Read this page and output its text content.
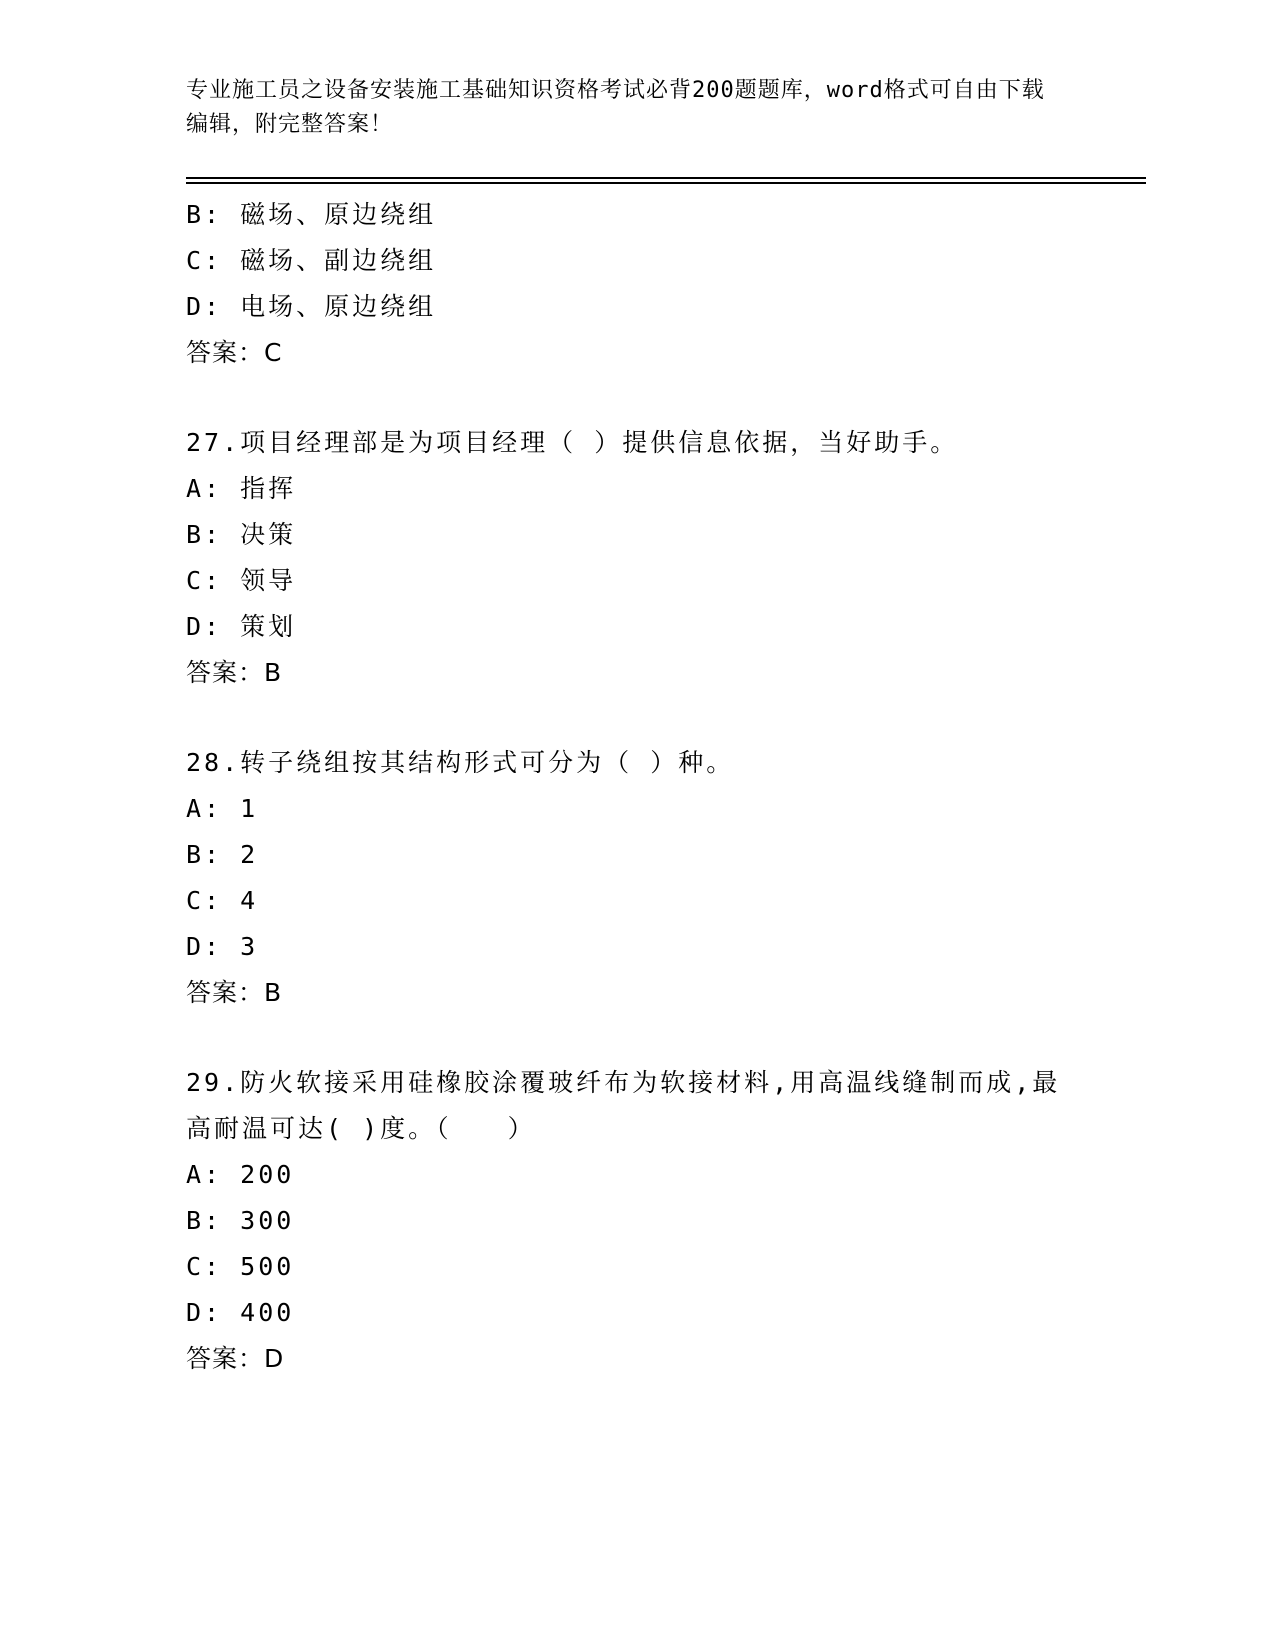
专业施工员之设备安装施工基础知识资格考试必背200题题库，word格式可自由下载编辑，附完整答案！
B: 磁场、原边绕组
C: 磁场、副边绕组
D: 电场、原边绕组
答案：C
27.项目经理部是为项目经理（ ）提供信息依据，当好助手。
A: 指挥
B: 决策
C: 领导
D: 策划
答案：B
28.转子绕组按其结构形式可分为（ ）种。
A: 1
B: 2
C: 4
D: 3
答案：B
29.防火软接采用硅橡胶涂覆玻纤布为软接材料,用高温线缝制而成,最高耐温可达( )度。（　　）
A: 200
B: 300
C: 500
D: 400
答案：D
